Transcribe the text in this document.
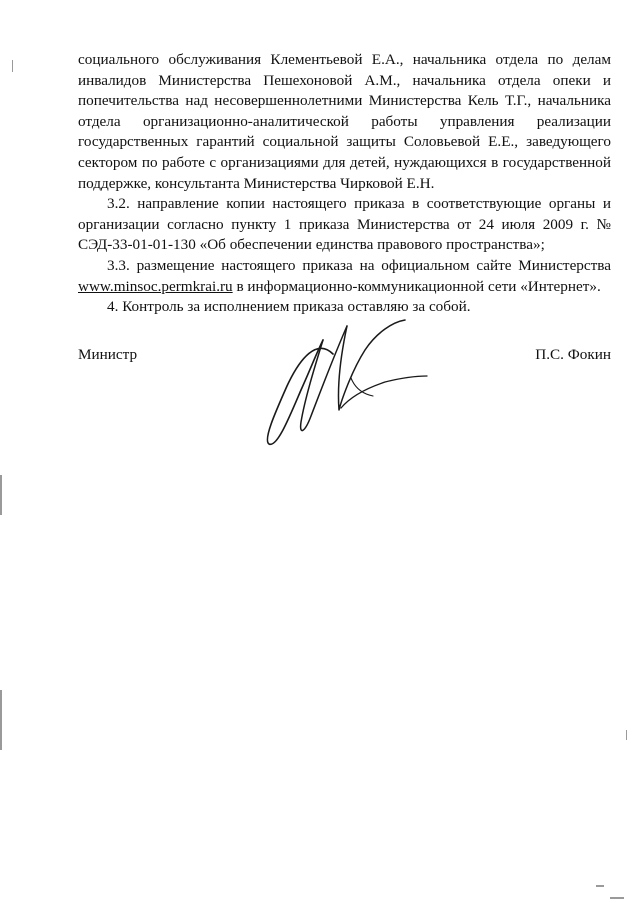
социального обслуживания Клементьевой Е.А., начальника отдела по делам инвалидов Министерства Пешехоновой А.М., начальника отдела опеки и попечительства над несовершеннолетними Министерства Кель Т.Г., начальника отдела организационно-аналитической работы управления реализации государственных гарантий социальной защиты Соловьевой Е.Е., заведующего сектором по работе с организациями для детей, нуждающихся в государственной поддержке, консультанта Министерства Чирковой Е.Н.

3.2. направление копии настоящего приказа в соответствующие органы и организации согласно пункту 1 приказа Министерства от 24 июля 2009 г. № СЭД-33-01-01-130 «Об обеспечении единства правового пространства»;

3.3. размещение настоящего приказа на официальном сайте Министерства www.minsoc.permkrai.ru в информационно-коммуникационной сети «Интернет».

4. Контроль за исполнением приказа оставляю за собой.

Министр	П.С. Фокин
